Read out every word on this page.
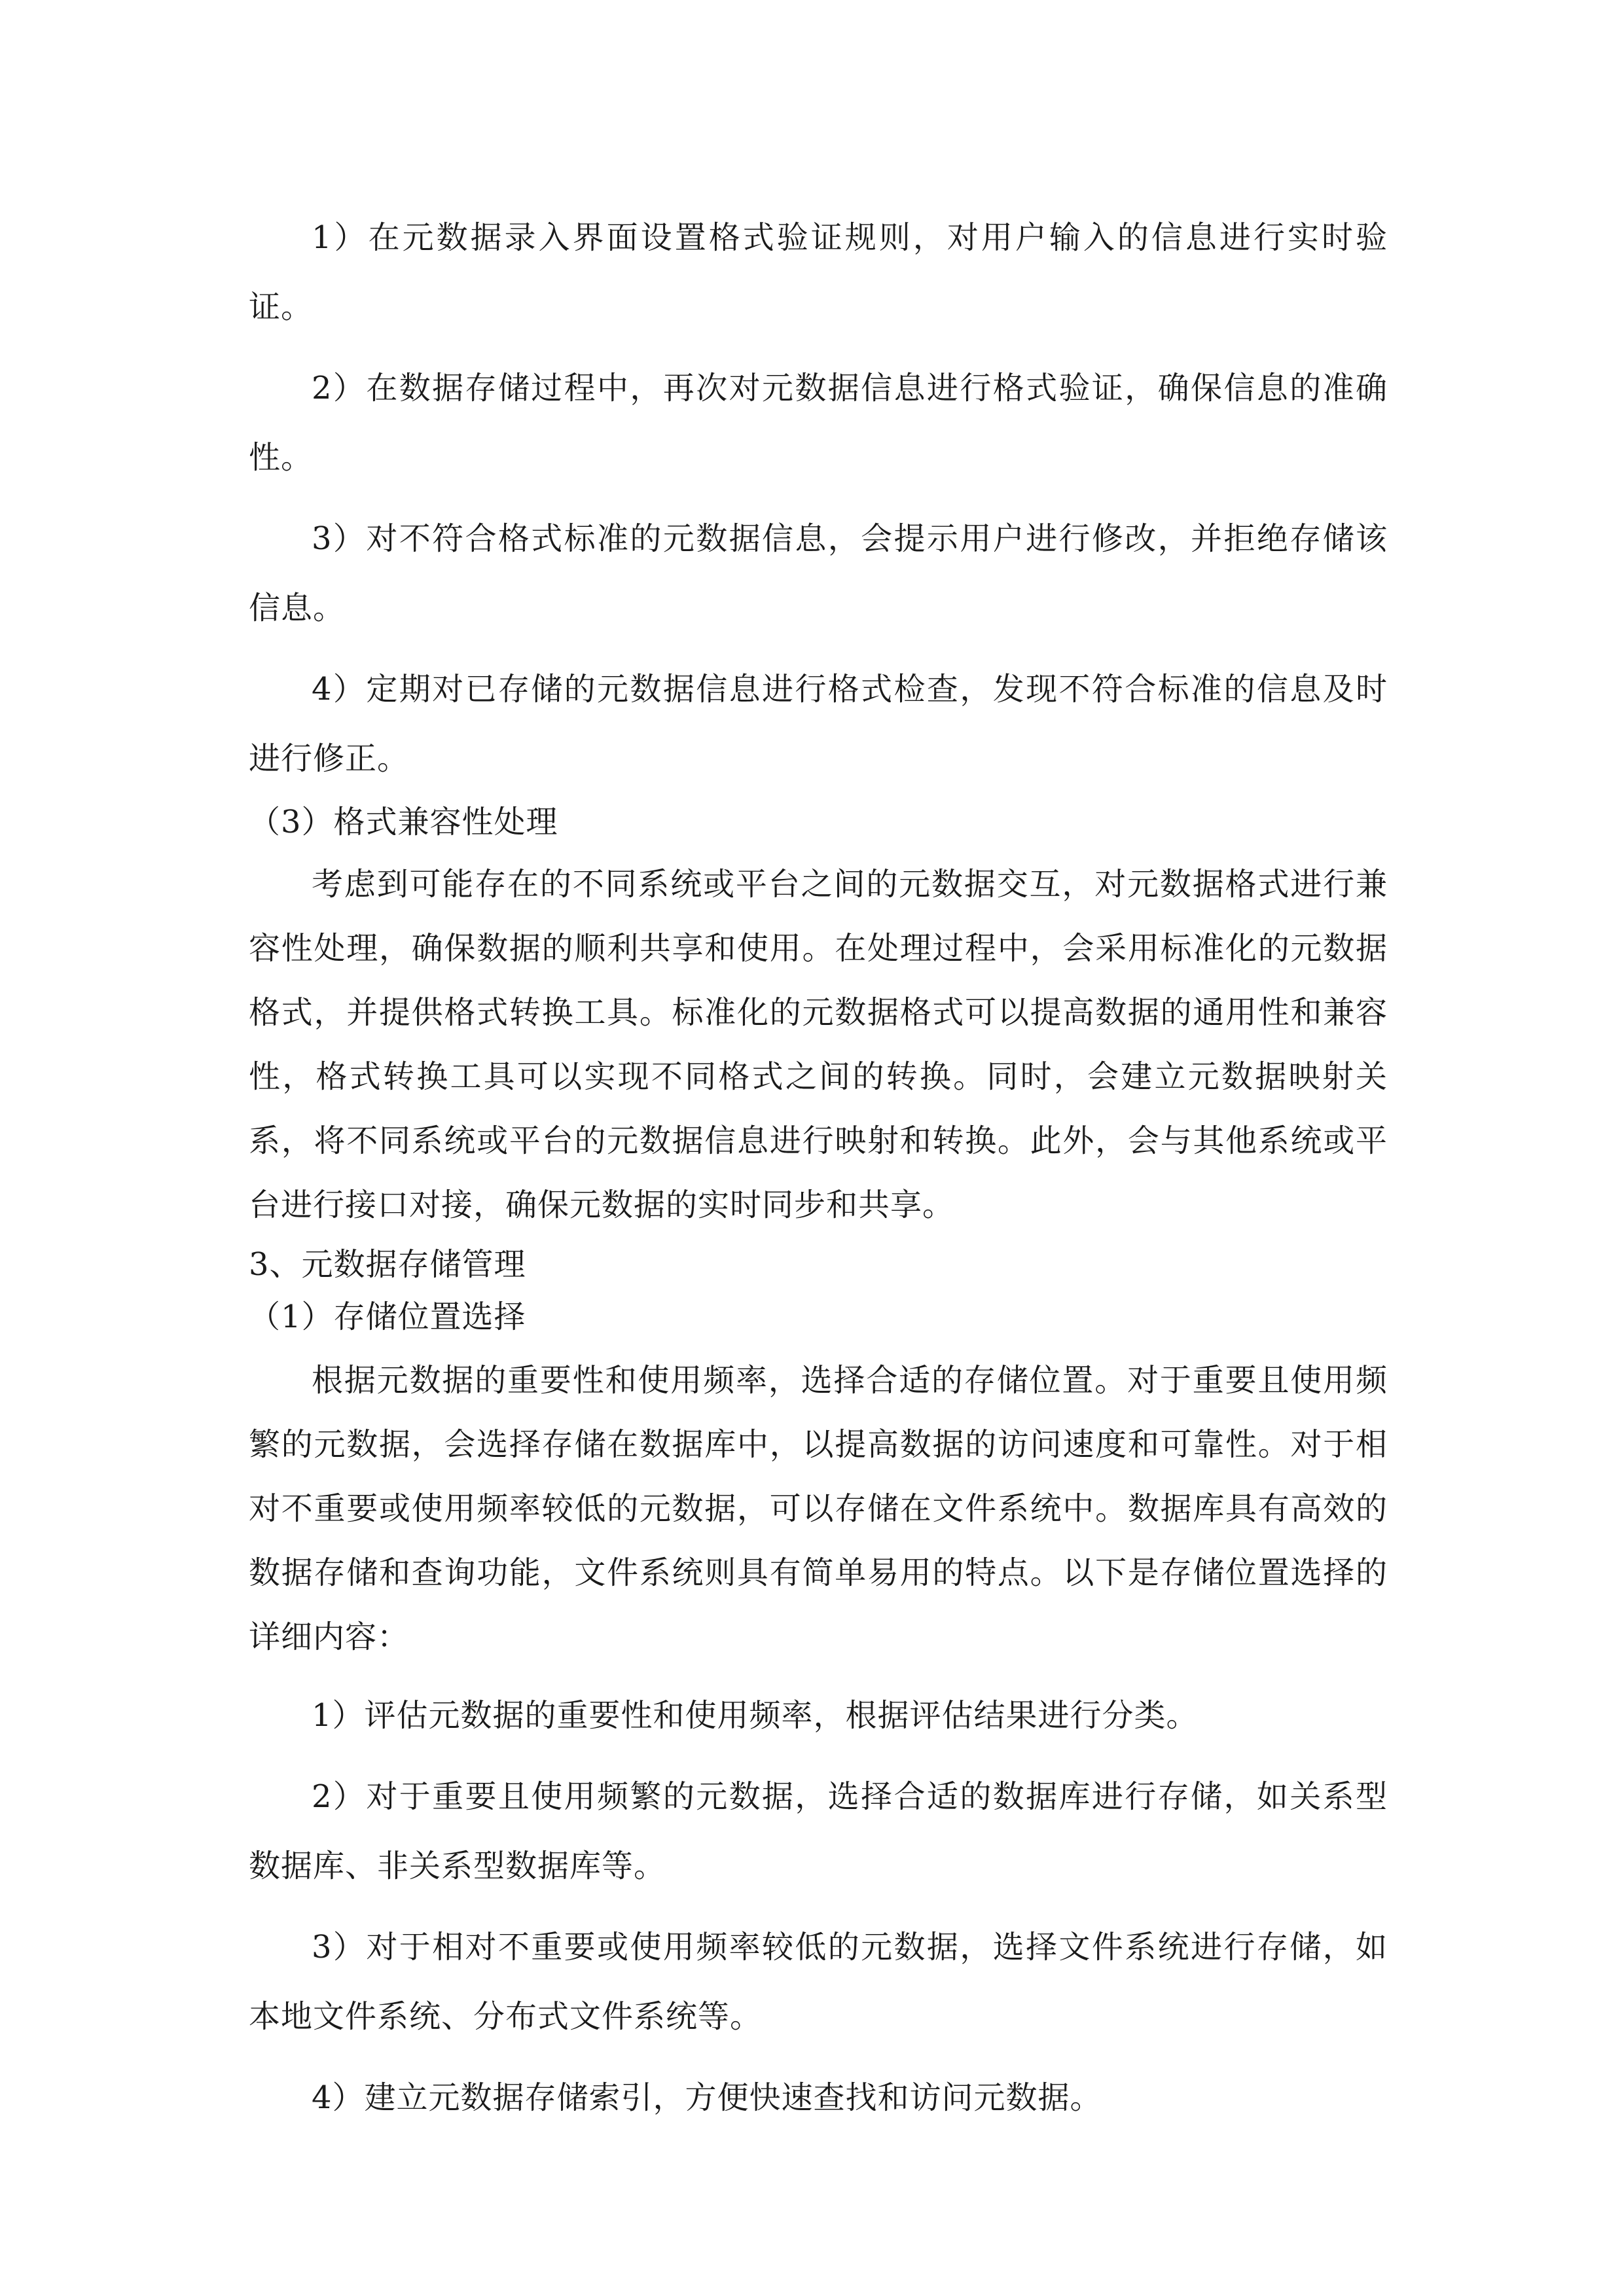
1）在元数据录入界面设置格式验证规则，对用户输入的信息进行实时验证。

2）在数据存储过程中，再次对元数据信息进行格式验证，确保信息的准确性。

3）对不符合格式标准的元数据信息，会提示用户进行修改，并拒绝存储该信息。

4）定期对已存储的元数据信息进行格式检查，发现不符合标准的信息及时进行修正。

（3）格式兼容性处理

考虑到可能存在的不同系统或平台之间的元数据交互，对元数据格式进行兼容性处理，确保数据的顺利共享和使用。在处理过程中，会采用标准化的元数据格式，并提供格式转换工具。标准化的元数据格式可以提高数据的通用性和兼容性，格式转换工具可以实现不同格式之间的转换。同时，会建立元数据映射关系，将不同系统或平台的元数据信息进行映射和转换。此外，会与其他系统或平台进行接口对接，确保元数据的实时同步和共享。

3、元数据存储管理

（1）存储位置选择

根据元数据的重要性和使用频率，选择合适的存储位置。对于重要且使用频繁的元数据，会选择存储在数据库中，以提高数据的访问速度和可靠性。对于相对不重要或使用频率较低的元数据，可以存储在文件系统中。数据库具有高效的数据存储和查询功能，文件系统则具有简单易用的特点。以下是存储位置选择的详细内容：

1）评估元数据的重要性和使用频率，根据评估结果进行分类。

2）对于重要且使用频繁的元数据，选择合适的数据库进行存储，如关系型数据库、非关系型数据库等。

3）对于相对不重要或使用频率较低的元数据，选择文件系统进行存储，如本地文件系统、分布式文件系统等。

4）建立元数据存储索引，方便快速查找和访问元数据。
